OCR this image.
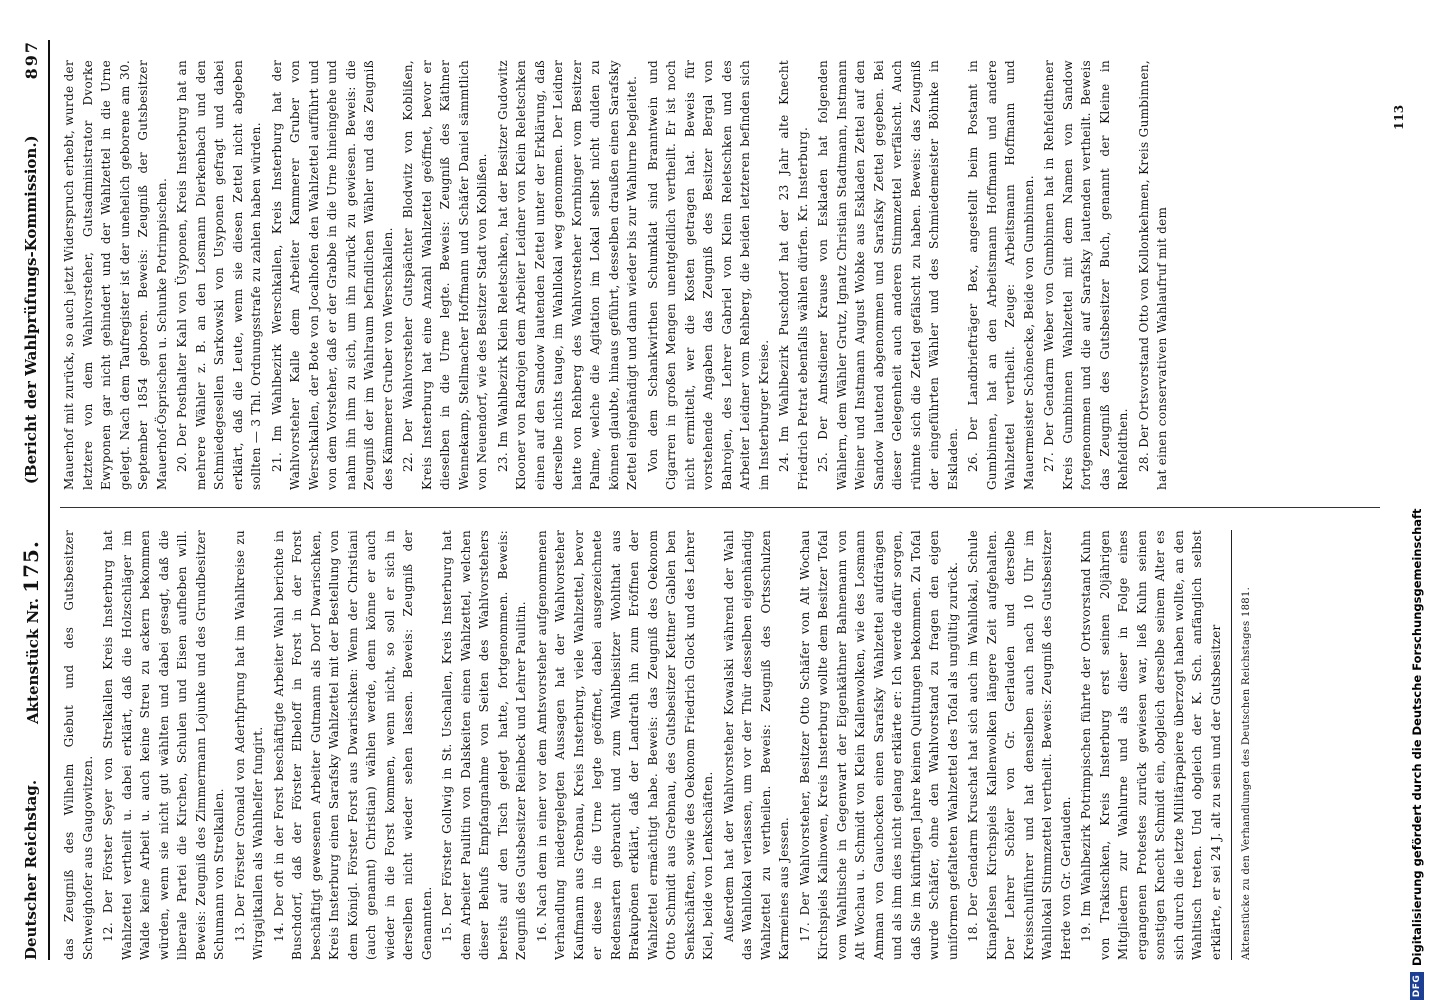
Deutscher Reichstag.
Aktenstück Nr. 175.
(Bericht der Wahlprüfungs-Kommission.)
897

das Zeugniß des Wilhelm Giebut und des Gutsbesitzer Schweighofer aus Gaugowitzen. 12. Der Förster Seyer von Strelkallen Kreis Insterburg hat Wahlzettel vertheilt u. dabei erklärt, daß die Holzschläger im Walde keine Arbeit u. auch keine Streu zu ackern bekommen würden, wenn sie nicht gut wählten und dabei gesagt, daß die liberale Partei die Kirchen, Schulen und Eisen aufheben will. Beweis: Zeugniß des Zimmermann Lojunke und des Grundbesitzer Schumann von Strelkallen. 13. Der Förster Gronald von Aderhfprung hat im Wahlkreise zu Wirgajtkallen als Wahlhelfer fungirt. 14. Der oft in der Forst beschäftigte Arbeiter Wahl berichte in Buschdorf, daß der Förster Elbeloff in Forst in der Forst beschäftigt gewesenen Arbeiter Gutmann als Dorf Dwarischken, Kreis Insterburg einen Sarafsky Wahlzettel mit der Bestellung von dem Königl. Förster Forst aus Dwarischken: Wenn der Christiani (auch genannt) Christian) wählen werde, denn könne er auch wieder in die Forst kommen, wenn nicht, so soll er sich in derselben nicht wieder sehen lassen. Beweis: Zeugniß der Genannten. 15. Der Förster Gollwig in St. Uschallen, Kreis Insterburg hat dem Arbeiter Paulitin von Dalskeiten einen Wahlzettel, welchen dieser Behufs Empfangnahme von Seiten des Wahlvorstehers bereits auf den Tisch gelegt hatte, fortgenommen. Beweis: Zeugniß des Gutsbesitzer Reinbeck und Lehrer Paulitin. 16. Nach dem in einer vor dem Amtsvorsteher aufgenommenen Verhandlung niedergelegten Aussagen hat der Wahlvorsteher Kaufmann aus Grebnau, Kreis Insterburg, viele Wahlzettel, bevor er diese in die Urne legte geöffnet, dabei ausgezeichnete Redensarten gebraucht und zum Wahlbeisitzer Wohlthat aus Brakupönen erklärt, daß der Landrath ihn zum Eröffnen der Wahlzettel ermächtigt habe. Beweis: das Zeugniß des Oekonom Otto Schmidt aus Grebnau, des Gutsbesitzer Kettner Gablen ben Senkschäften, sowie des Oekonom Friedrich Glock und des Lehrer Kiel, beide von Lenkschäften. Außerdem hat der Wahlvorsteher Kowalski während der Wahl das Wahllokal verlassen, um vor der Thür desselben eigenhändig Wahlzettel zu vertheilen. Beweis: Zeugniß des Ortsschulzen Karmeines aus Jessen. 17. Der Wahlvorsteher, Besitzer Otto Schäfer von Alt Wochau Kirchspiels Kalinowen, Kreis Insterburg wollte dem Besitzer Tofal vom Wahltische in Gegenwart der Eigenkäthner Bahnemann von Alt Wochau u. Schmidt von Klein Kallenwolken, wie des Losmann Amman von Gauchocken einen Sarafsky Wahlzettel aufdrängen und als ihm dies nicht gelang erklärte er: Ich werde dafür sorgen, daß Sie im künftigen Jahre keinen Quittungen bekommen. Zu Tofal wurde Schäfer, ohne den Wahlvorstand zu fragen den eigen uniformen gefalteten Wahlzettel des Tofal als ungültig zurück. 18. Der Gendarm Kruschat hat sich auch im Wahllokal, Schule Kinapfelsen Kirchspiels Kallenwolken längere Zeit aufgehalten. Der Lehrer Schöler von Gr. Gerlauden und derselbe Kreisschulführer und hat denselben auch nach 10 Uhr im Wahllokal Stimmzettel vertheilt. Beweis: Zeugniß des Gutsbesitzer Herde von Gr. Gerlauden. 19. Im Wahlbezirk Potrimpischen führte der Ortsvorstand Kuhn von Trakischken, Kreis Insterburg erst seinen 20jährigen Mitgliedern zur Wahlurne und als dieser in Folge eines ergangenen Protestes zurück gewiesen war, ließ Kuhn seinen sonstigen Knecht Schmidt ein, obgleich derselbe seinem Alter es sich durch die letzte Militärpapiere überzogt haben wollte, an den Wahltisch treten. Und obgleich der K. Sch. anfänglich selbst erklärte, er sei 24 J. alt zu sein und der Gutsbesitzer	Aktenstücke zu den Verhandlungen des Deutschen Reichstages 1881.

Mauerhof mit zurück, so auch jetzt Widerspruch erhebt, wurde der letztere von dem Wahlvorsteher, Gutsadministrator Dvorke Ewyponen gar nicht gehindert und der Wahlzettel in die Urne gelegt. Nach dem Taufregister ist der unehelich geborene am 30. September 1854 geboren. Beweis: Zeugniß der Gutsbesitzer Mauerhof-Ösprischen u. Schunke Potrimpischen. 20. Der Posthalter Kahl von Üsyponen, Kreis Insterburg hat an mehrere Wähler z. B. an den Losmann Dierkenbach und den Schmiedegesellen Sarkowski von Usyponen gefragt und dabei erklärt, daß die Leute, wenn sie diesen Zettel nicht abgeben sollten — 3 Thl. Ordnungsstrafe zu zahlen haben würden. 21. Im Wahlbezirk Werschkallen, Kreis Insterburg hat der Wahlvorsteher Kalle dem Arbeiter Kammerer Gruber von Werschkallen, der Bote von Jocalhofen den Wahlzettel aufführt und von dem Vorsteher, daß er der Grabbe in die Urne hineingehe und nahm ihn ihm zu sich, um ihn zurück zu gewiesen. Beweis: die Zeugniß der im Wahlraum befindlichen Wähler und das Zeugniß des Kämmerer Gruber von Werschkallen. 22. Der Wahlvorsteher Gutspächter Blodwitz von Koblißen, Kreis Insterburg hat eine Anzahl Wahlzettel geöffnet, bevor er dieselben in die Urne legte. Beweis: Zeugniß des Käthner Wennekamp, Stellmacher Hoffmann und Schäfer Daniel sämmtlich von Neuendorf, wie des Besitzer Stadt von Koblißen. 23. Im Wahlbezirk Klein Reletschken, hat der Besitzer Gudowitz Klooner von Radrojen dem Arbeiter Leidner von Klein Reletschken einen auf den Sandow lautenden Zettel unter der Erklärung, daß derselbe nichts tauge, im Wahllokal weg genommen. Der Leidner hatte von Rehberg des Wahlvorsteher Kornbinger vom Besitzer Palme, welche die Agitation im Lokal selbst nicht dulden zu können glaubte, hinaus geführt, desselben draußen einen Sarafsky Zettel eingehändigt und dann wieder bis zur Wahlurne begleitet. Von dem Schankwirthen Schumklat sind Branntwein und Cigarren in großen Mengen unentgeldlich vertheilt. Er ist noch nicht ermittelt, wer die Kosten getragen hat. Beweis für vorstehende Angaben das Zeugniß des Besitzer Bergal von Bahrojen, des Lehrer Gabriel von Klein Reletschken und des Arbeiter Leidner vom Rehberg, die beiden letzteren befinden sich im Insterburger Kreise. 24. Im Wahlbezirk Puschdorf hat der 23 Jahr alte Knecht Friedrich Petrat ebenfalls wählen dürfen. Kr. Insterburg. 25. Der Amtsdiener Krause von Eskladen hat folgenden Wählern, dem Wähler Grutz, Ignatz Christian Stadtmann, Instmann Weiner und Instmann August Wobke aus Eskladen Zettel auf den Sandow lautend abgenommen und Sarafsky Zettel gegeben. Bei dieser Gelegenheit auch anderen Stimmzettel verfälscht. Auch rühmte sich die Zettel gefälscht zu haben. Beweis: das Zeugniß der eingeführten Wähler und des Schmiedemeister Böhnke in Eskladen. 26. Der Landbriefträger Bex, angestellt beim Postamt in Gumbinnen, hat an den Arbeitsmann Hoffmann und andere Wahlzettel vertheilt. Zeuge: Arbeitsmann Hoffmann und Mauermeister Schönecke, Beide von Gumbinnen. 27. Der Gendarm Weber von Gumbinnen hat in Rehfeldthener Kreis Gumbinnen Wahlzettel mit dem Namen von Sandow fortgenommen und die auf Sarafsky lautenden vertheilt. Beweis das Zeugniß des Gutsbesitzer Buch, genannt der Kleine in Rehfeldthen. 28. Der Ortsvorstand Otto von Kollonkehmen, Kreis Gumbinnen, hat einen conservativen Wahlaufruf mit dem

113
DFG
Digitalisierung gefördert durch die Deutsche Forschungsgemeinschaft
